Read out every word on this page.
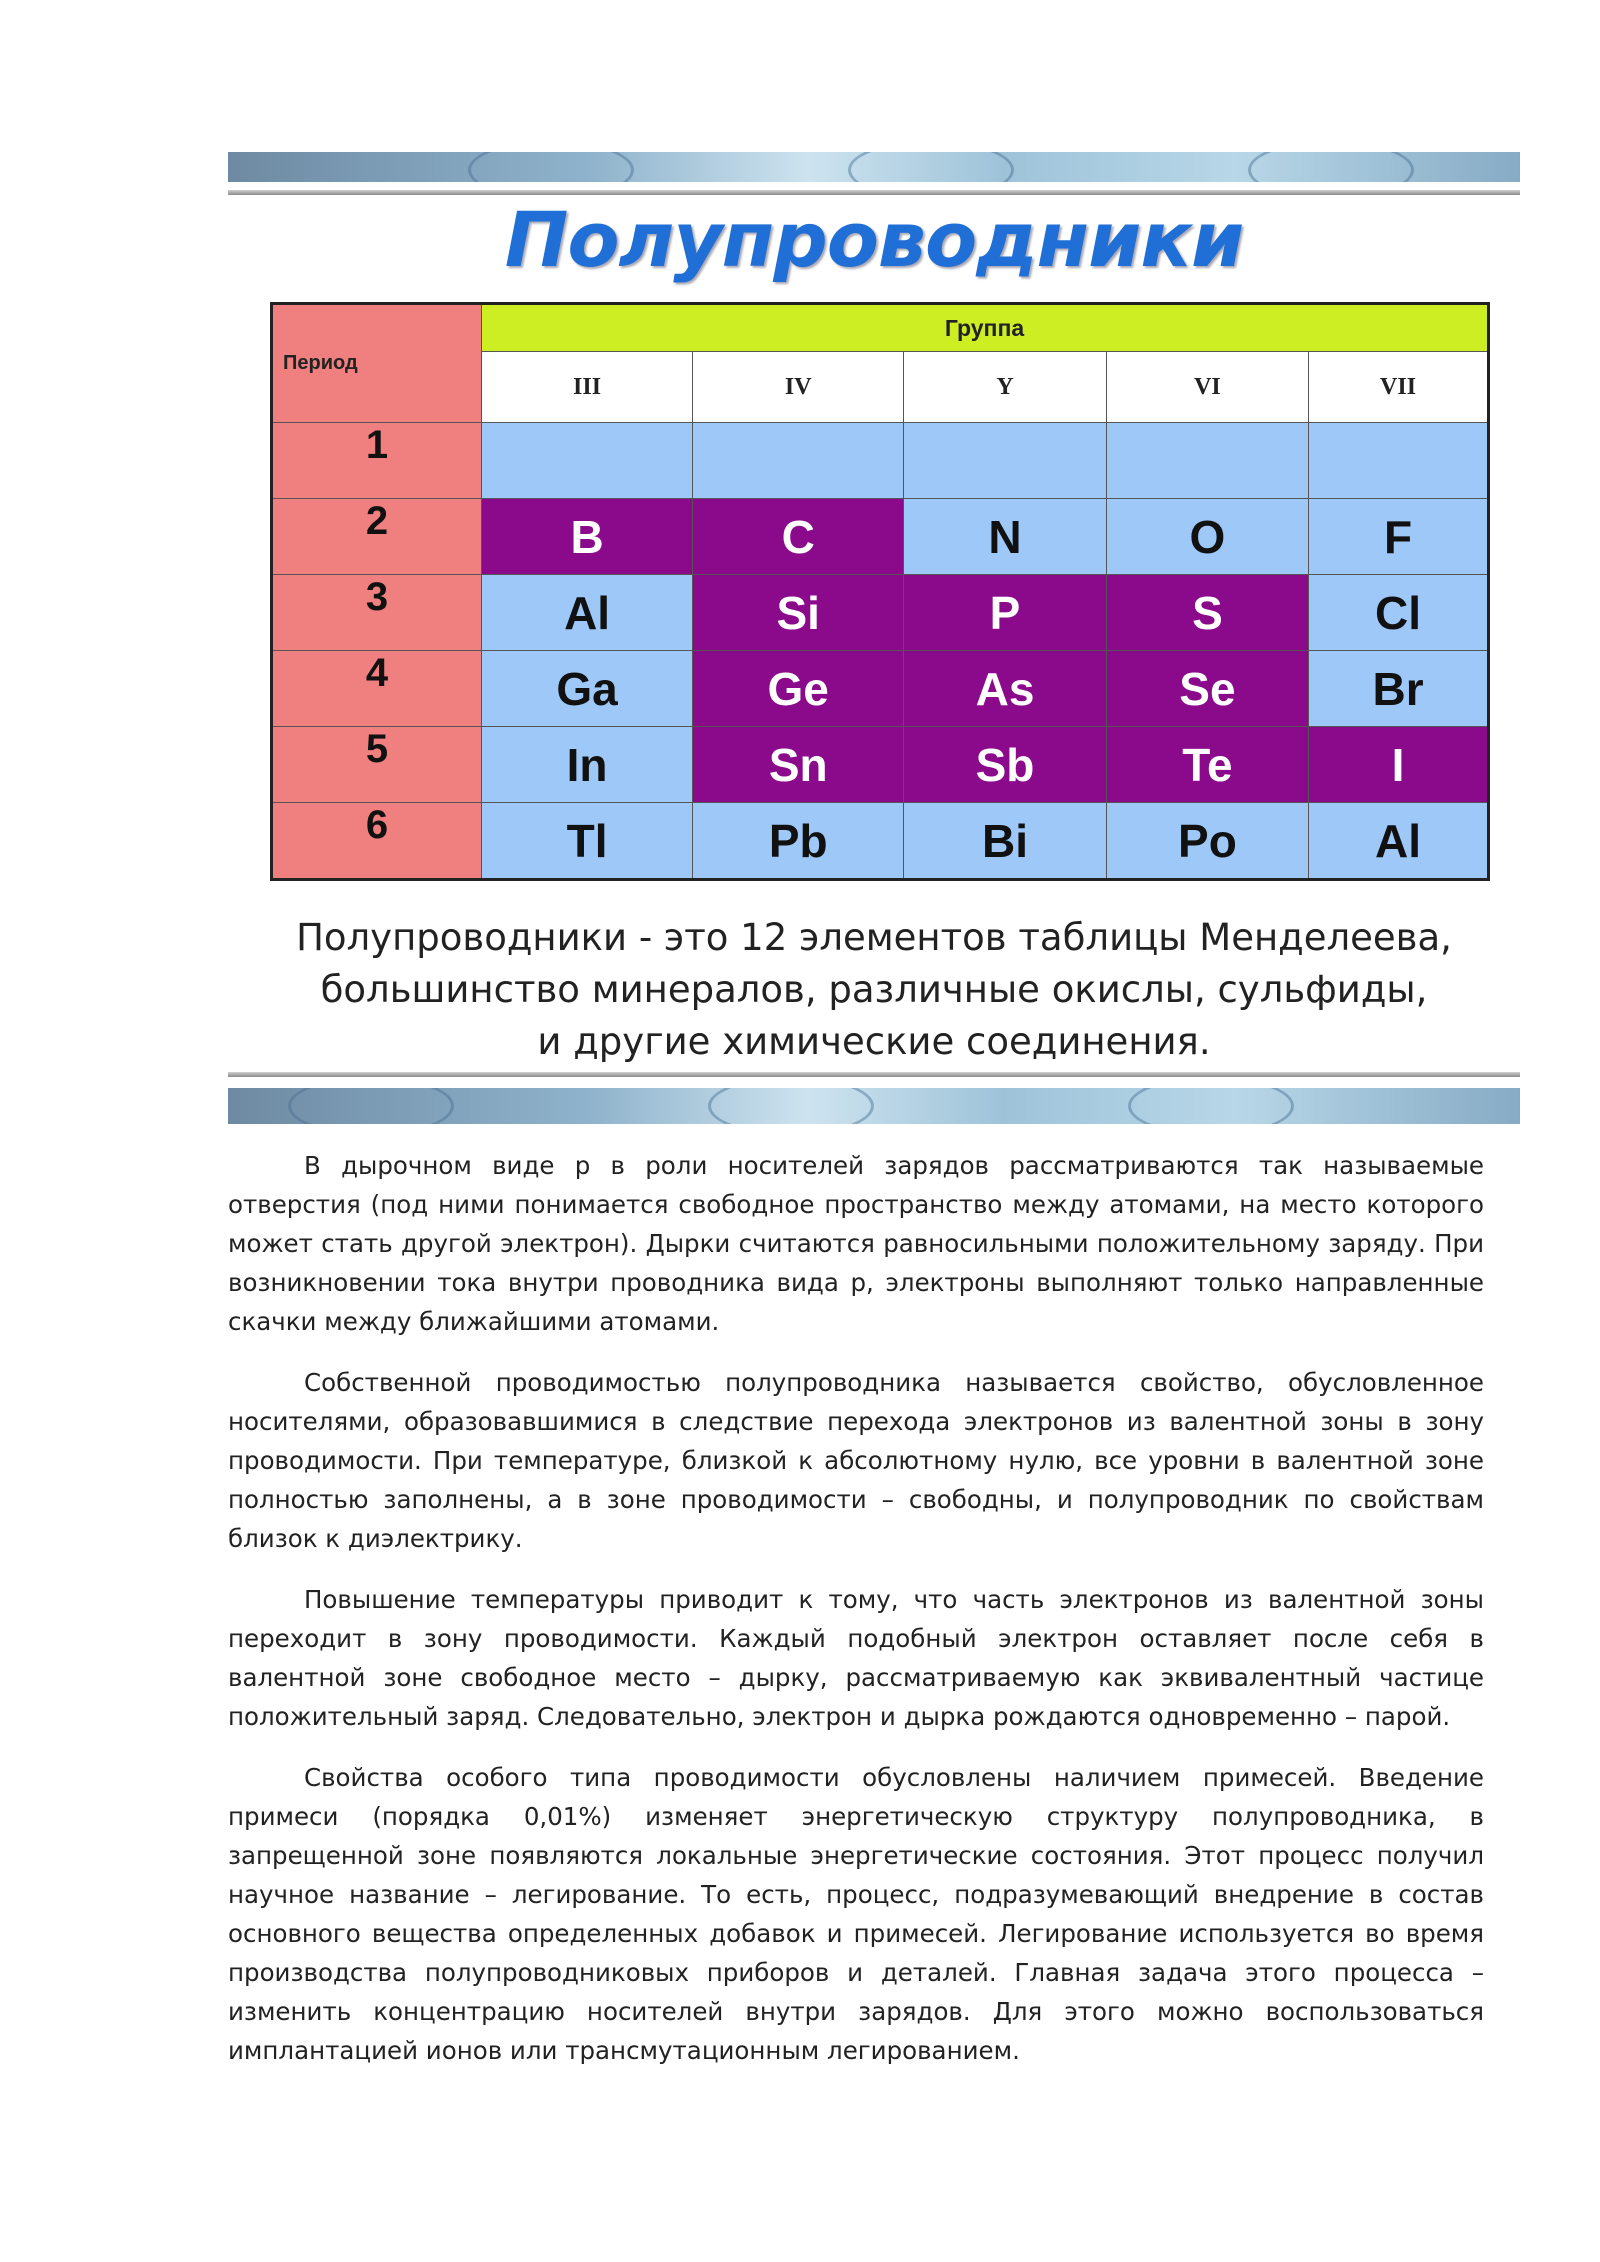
Полупроводники
Период	Группа				
	III	IV	Y	VI	VII
1					
2	B	C	N	O	F
3	Al	Si	P	S	Cl
4	Ga	Ge	As	Se	Br
5	In	Sn	Sb	Te	I
6	Tl	Pb	Bi	Po	Al
Полупроводники - это 12 элементов таблицы Менделеева,
большинство минералов, различные окислы, сульфиды,
и другие химические соединения.

В дырочном виде p в роли носителей зарядов рассматриваются так называемые отверстия (под ними понимается свободное пространство между атомами, на место которого может стать другой электрон). Дырки считаются равносильными положительному заряду. При возникновении тока внутри проводника вида p, электроны выполняют только направленные скачки между ближайшими атомами.

Собственной проводимостью полупроводника называется свойство, обусловленное носителями, образовавшимися в следствие перехода электронов из валентной зоны в зону проводимости. При температуре, близкой к абсолютному нулю, все уровни в валентной зоне полностью заполнены, а в зоне проводимости – свободны, и полупроводник по свойствам близок к диэлектрику.

Повышение температуры приводит к тому, что часть электронов из валентной зоны переходит в зону проводимости. Каждый подобный электрон оставляет после себя в валентной зоне свободное место – дырку, рассматриваемую как эквивалентный частице положительный заряд. Следовательно, электрон и дырка рождаются одновременно – парой.

Свойства особого типа проводимости обусловлены наличием примесей. Введение примеси (порядка 0,01%) изменяет энергетическую структуру полупроводника, в запрещенной зоне появляются локальные энергетические состояния. Этот процесс получил научное название – легирование. То есть, процесс, подразумевающий внедрение в состав основного вещества определенных добавок и примесей. Легирование используется во время производства полупроводниковых приборов и деталей. Главная задача этого процесса – изменить концентрацию носителей внутри зарядов. Для этого можно воспользоваться имплантацией ионов или трансмутационным легированием.
